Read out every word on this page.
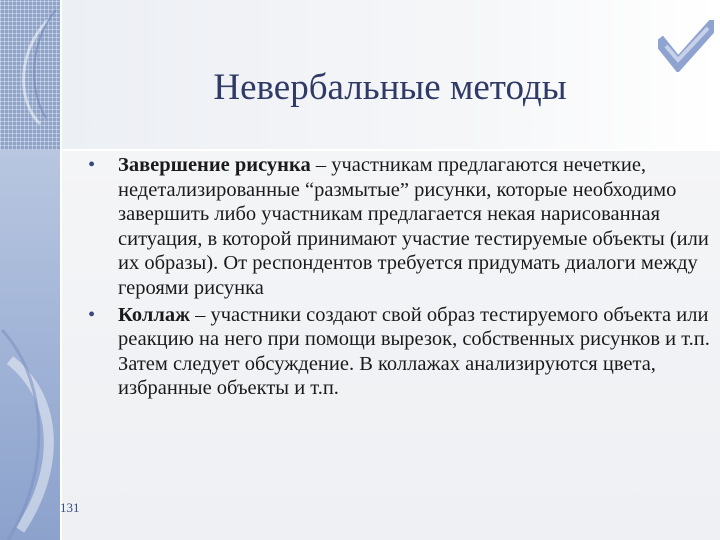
Невербальные методы
• Завершение рисунка – участникам предлагаются нечеткие, недетализированные “размытые” рисунки, которые необходимо завершить либо участникам предлагается некая нарисованная ситуация, в которой принимают участие тестируемые объекты (или их образы). От респондентов требуется придумать диалоги между героями рисунка
• Коллаж – участники создают свой образ тестируемого объекта или реакцию на него при помощи вырезок, собственных рисунков и т.п. Затем следует обсуждение. В коллажах анализируются цвета, избранные объекты и т.п.
131
